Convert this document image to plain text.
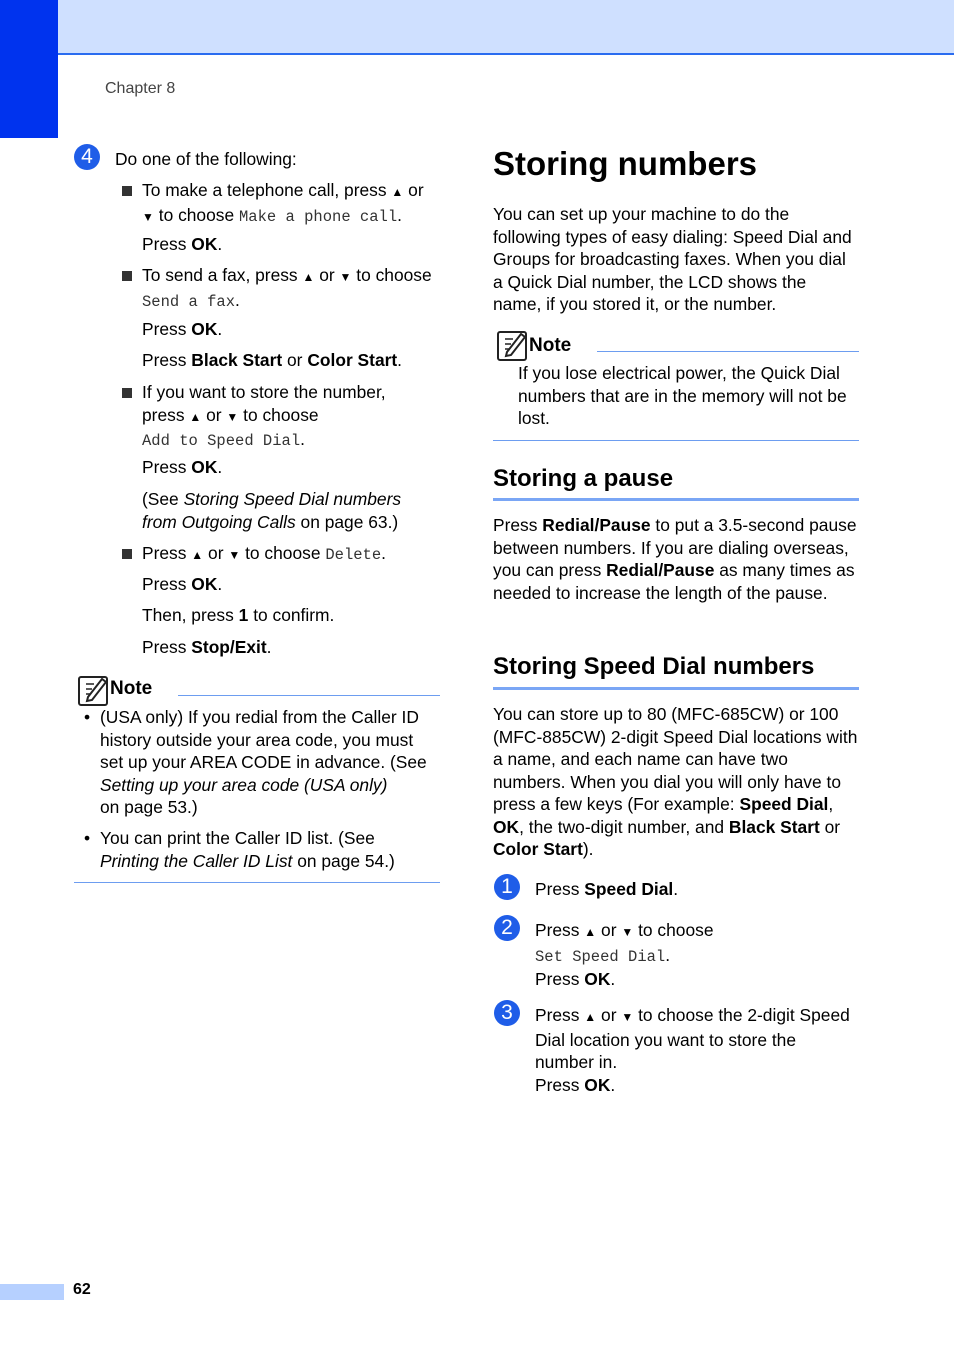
Chapter 8
4	Do one of the following:
To make a telephone call, press ▲ or
▼ to choose Make a phone call.
Press OK.
To send a fax, press ▲ or ▼ to choose
Send a fax.
Press OK.
Press Black Start or Color Start.
If you want to store the number,
press ▲ or ▼ to choose
Add to Speed Dial.
Press OK.
(See Storing Speed Dial numbers from Outgoing Calls on page 63.)
Press ▲ or ▼ to choose Delete.
Press OK.
Then, press 1 to confirm.
Press Stop/Exit.
Note
• (USA only) If you redial from the Caller ID history outside your area code, you must set up your AREA CODE in advance. (See Setting up your area code (USA only)
on page 53.)
• You can print the Caller ID list. (See
Printing the Caller ID List on page 54.)
Storing numbers
You can set up your machine to do the following types of easy dialing: Speed Dial and Groups for broadcasting faxes. When you dial a Quick Dial number, the LCD shows the name, if you stored it, or the number.
Note
If you lose electrical power, the Quick Dial numbers that are in the memory will not be lost.
Storing a pause
Press Redial/Pause to put a 3.5-second pause between numbers. If you are dialing overseas, you can press Redial/Pause as many times as needed to increase the length of the pause.
Storing Speed Dial numbers
You can store up to 80 (MFC-685CW) or 100 (MFC-885CW) 2-digit Speed Dial locations with a name, and each name can have two numbers. When you dial you will only have to press a few keys (For example: Speed Dial, OK, the two-digit number, and Black Start or Color Start).
1	Press Speed Dial.
2	Press ▲ or ▼ to choose
Set Speed Dial.
Press OK.
3	Press ▲ or ▼ to choose the 2-digit Speed Dial location you want to store the number in.
Press OK.
62
